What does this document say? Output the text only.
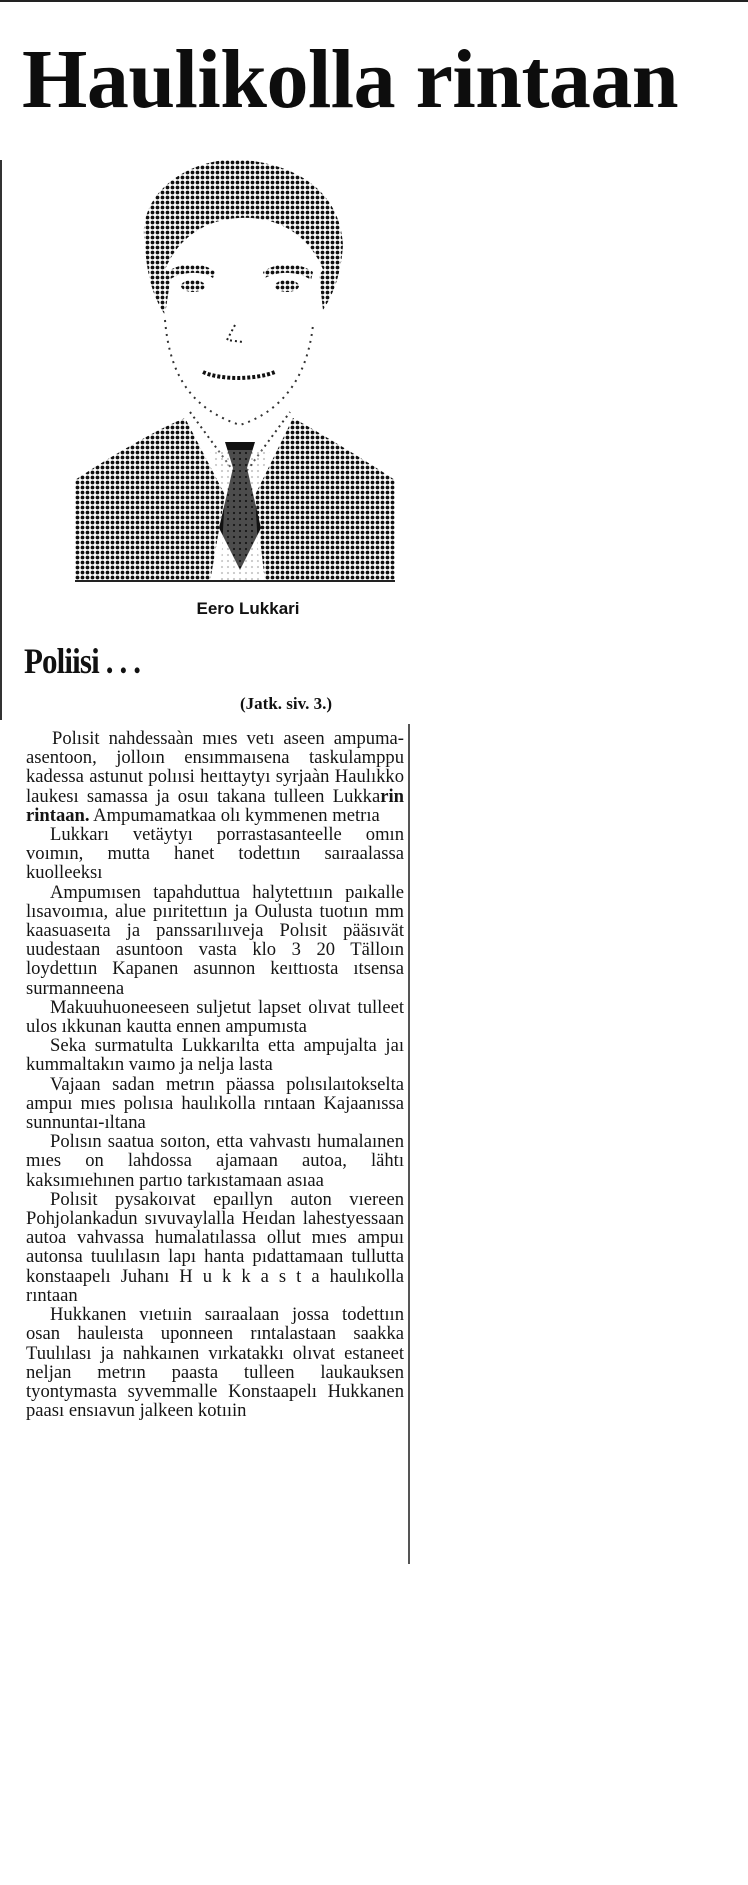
Haulikolla rintaan

Eero Lukkari

Poliisi . . .

(Jatk. siv. 3.)

Polısit nahdessaàn mıes vetı aseen ampuma-asentoon, jolloın ensımmaısena taskulamppu kadessa astunut polıısi heıttaytyı syrjaàn Haulıkko laukesı samassa ja osuı takana tulleen Lukkarin rintaan. Ampumamatkaa olı kymmenen metrıa

Lukkarı vetäytyı porrastasanteelle omın voımın, mutta hanet todettıın saıraalassa kuolleeksı

Ampumısen tapahduttua halytettııın paıkalle lısavoımıa, alue pııritettıın ja Oulusta tuotıın mm kaasuaseıta ja panssarılııveja Polısit pääsıvät uudestaan asuntoon vasta klo 3 20 Tälloın loydettıın Kapanen asunnon keıttıosta ıtsensa surmanneena

Makuuhuoneeseen suljetut lapset olıvat tulleet ulos ıkkunan kautta ennen ampumısta

Seka surmatulta Lukkarılta etta ampujalta jaı kummaltakın vaımo ja nelja lasta

Vajaan sadan metrın päassa polısılaıtokselta ampuı mıes polısıa haulıkolla rıntaan Kajaanıssa sunnuntaı-ıltana

Polısın saatua soıton, etta vahvastı humalaınen mıes on lahdossa ajamaan autoa, lähtı kaksımıehınen partıo tarkıstamaan asıaa

Polısit pysakoıvat epaıllyn auton vıereen Pohjolankadun sıvuvaylalla Heıdan lahestyessaan autoa vahvassa humalatılassa ollut mıes ampuı autonsa tuulılasın lapı hanta pıdattamaan tullutta konstaapelı Juhanı H u k k a s t a haulıkolla rıntaan

Hukkanen vıetııin saıraalaan jossa todettıın osan hauleısta uponneen rıntalastaan saakka Tuulılası ja nahkaınen vırkatakkı olıvat estaneet neljan metrın paasta tulleen laukauksen tyontymasta syvemmalle Konstaapelı Hukkanen paası ensıavun jalkeen kotııin
